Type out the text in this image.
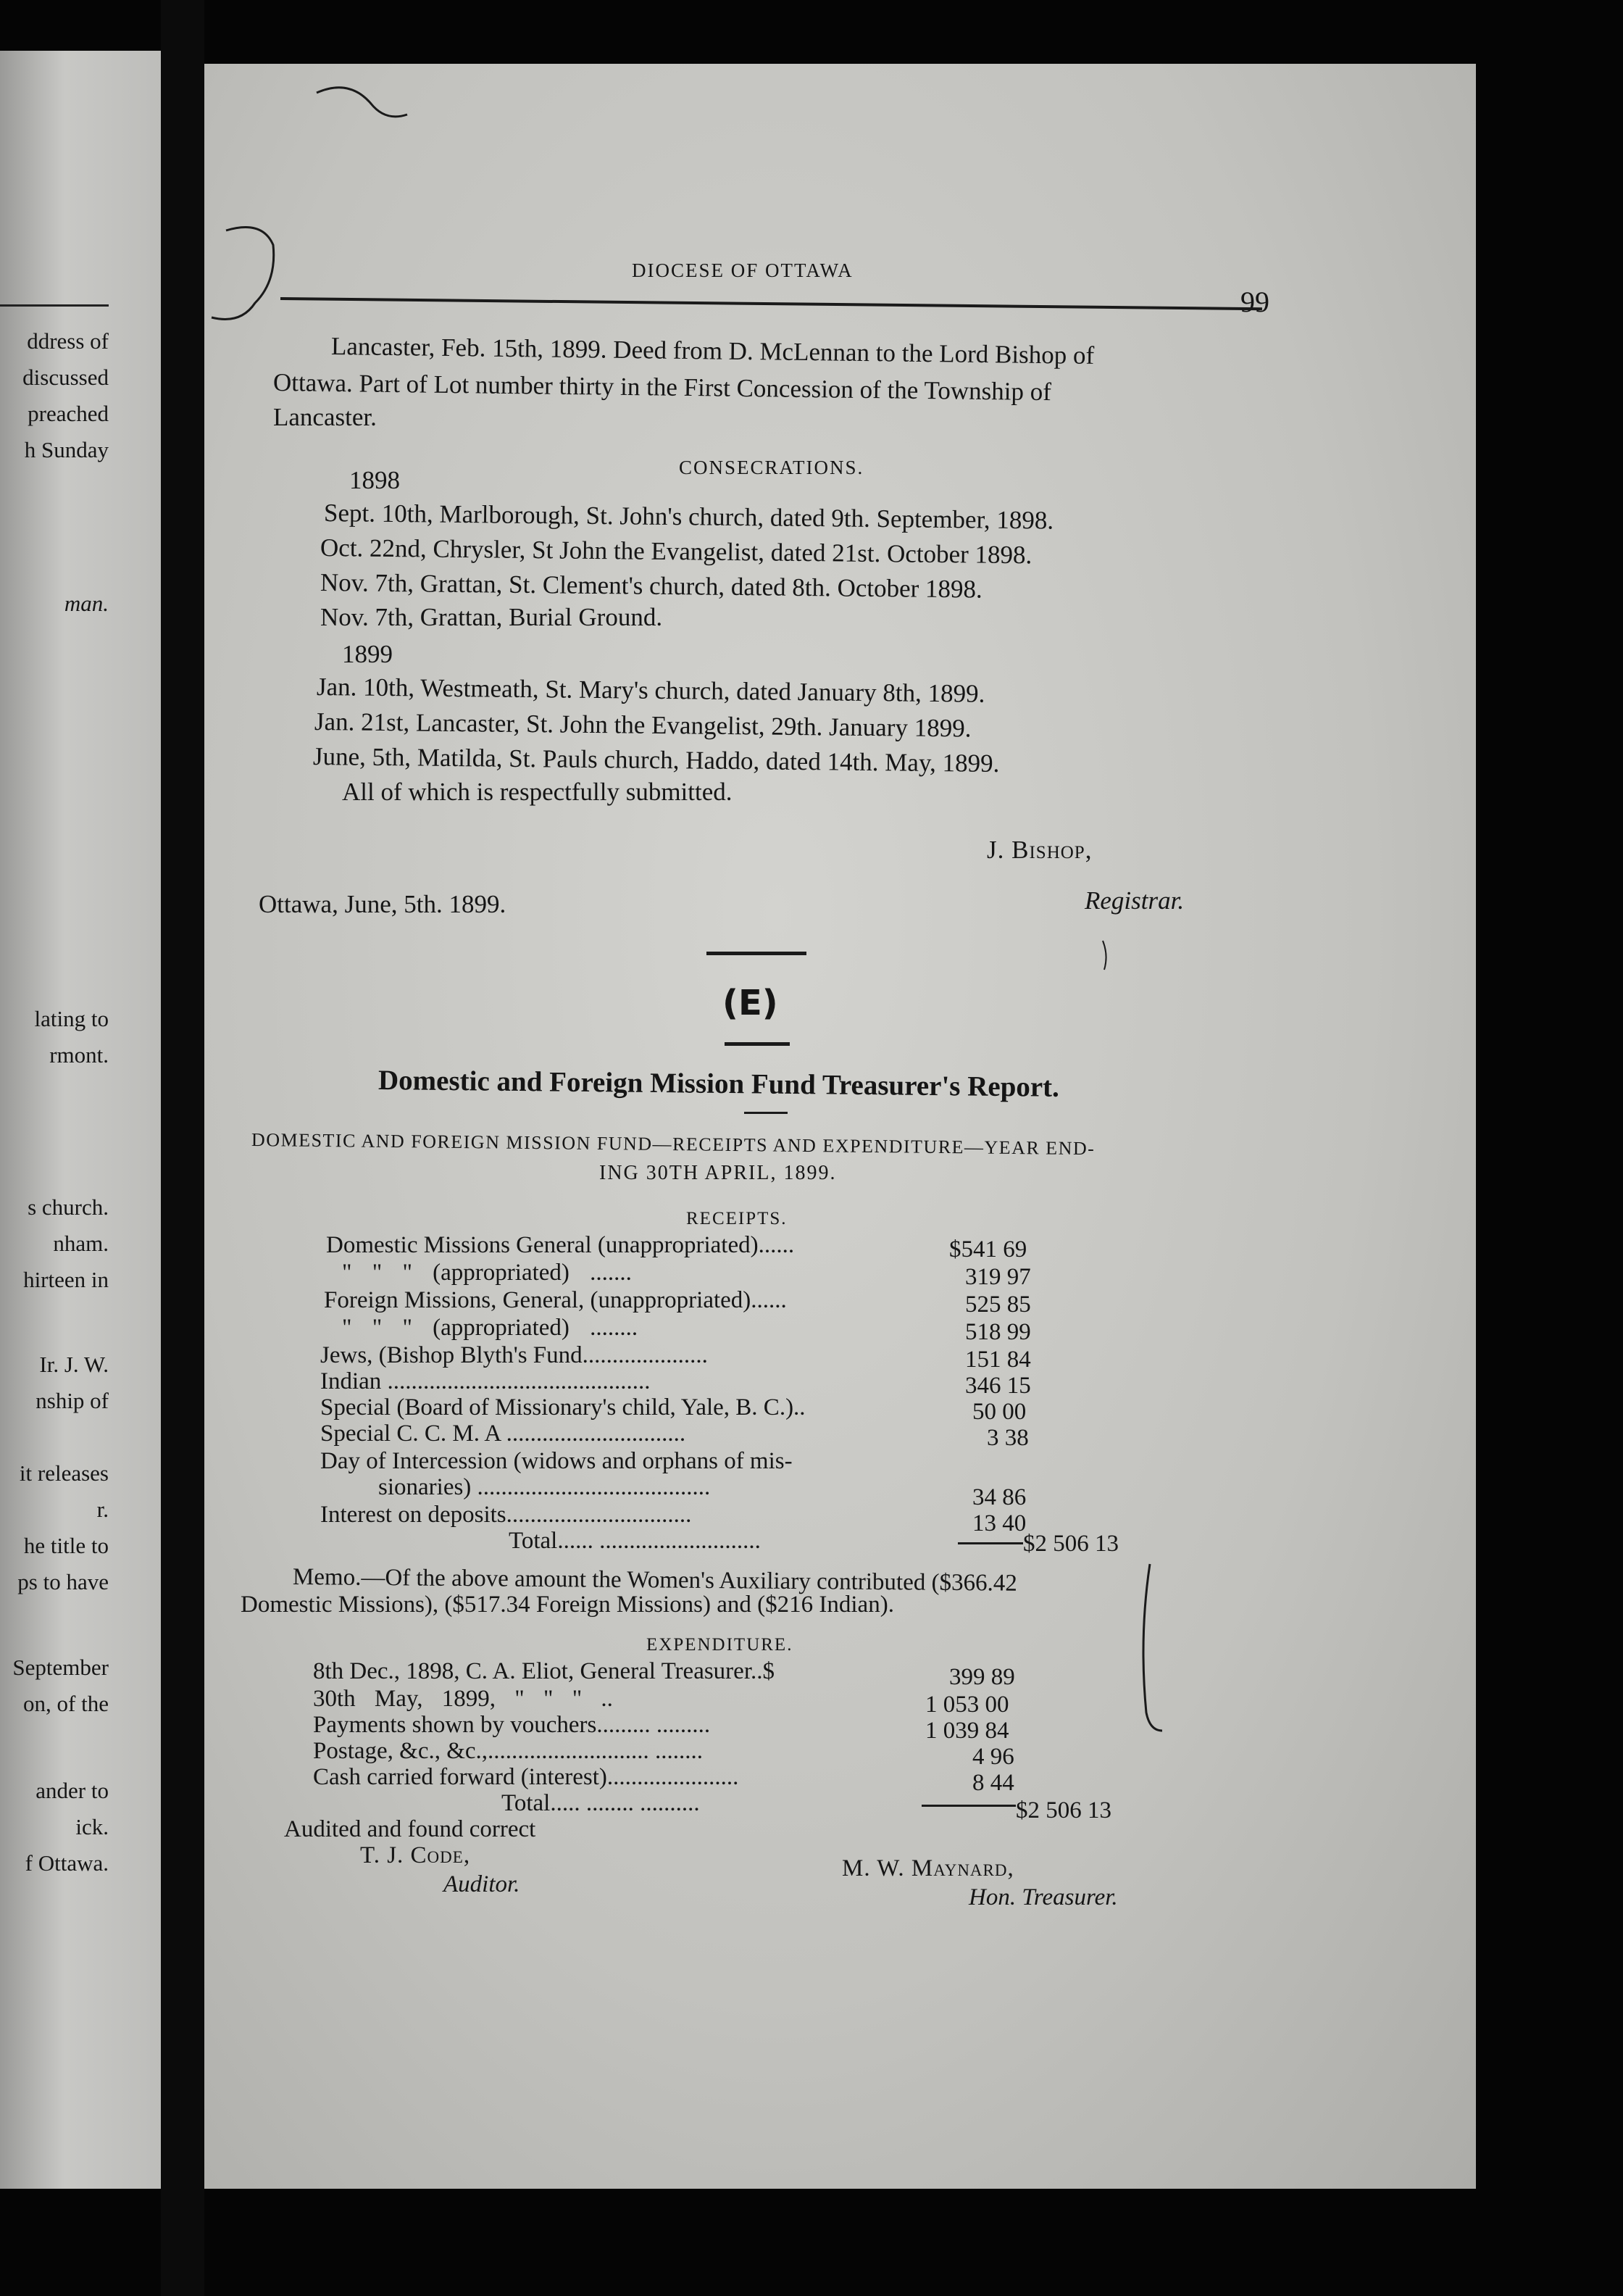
ddress of
discussed
preached
h Sunday
man.
lating to
rmont.
s church.
nham.
hirteen in
Ir. J. W.
nship of
it releases
r.
he title to
ps to have
September
on, of the
ander to
ick.
f Ottawa.
DIOCESE OF OTTAWA
99
Lancaster, Feb. 15th, 1899. Deed from D. McLennan to the Lord Bishop of
Ottawa. Part of Lot number thirty in the First Concession of the Township of
Lancaster.
CONSECRATIONS.
1898
Sept. 10th, Marlborough, St. John's church, dated 9th. September, 1898.
Oct. 22nd, Chrysler, St John the Evangelist, dated 21st. October 1898.
Nov. 7th, Grattan, St. Clement's church, dated 8th. October 1898.
Nov. 7th, Grattan, Burial Ground.
1899
Jan. 10th, Westmeath, St. Mary's church, dated January 8th, 1899.
Jan. 21st, Lancaster, St. John the Evangelist, 29th. January 1899.
June, 5th, Matilda, St. Pauls church, Haddo, dated 14th. May, 1899.
All of which is respectfully submitted.
J. Bishop,
Registrar.
Ottawa, June, 5th. 1899.
(E)
Domestic and Foreign Mission Fund Treasurer's Report.
DOMESTIC AND FOREIGN MISSION FUND—RECEIPTS AND EXPENDITURE—YEAR END-
ING 30TH APRIL, 1899.
RECEIPTS.
Domestic Missions General (unappropriated)......	$541 69
" " " (appropriated) .......	319 97
Foreign Missions, General, (unappropriated)......	525 85
" " " (appropriated) ........	518 99
Jews, (Bishop Blyth's Fund.....................	151 84
Indian ............................................	346 15
Special (Board of Missionary's child, Yale, B. C.)..	50 00
Special C. C. M. A ..............................	3 38
Day of Intercession (widows and orphans of mis-
sionaries) .......................................	34 86
Interest on deposits...............................	13 40
Total...... ...........................	$2 506 13
Memo.—Of the above amount the Women's Auxiliary contributed ($366.42
Domestic Missions), ($517.34 Foreign Missions) and ($216 Indian).
EXPENDITURE.
8th Dec., 1898, C. A. Eliot, General Treasurer..$	399 89
30th May, 1899, " " " ..	1 053 00
Payments shown by vouchers......... .........	1 039 84
Postage, &c., &c.,........................... ........	4 96
Cash carried forward (interest)......................	8 44
Total..... ........ ..........	$2 506 13
Audited and found correct
T. J. Code,
Auditor.
M. W. Maynard,
Hon. Treasurer.
